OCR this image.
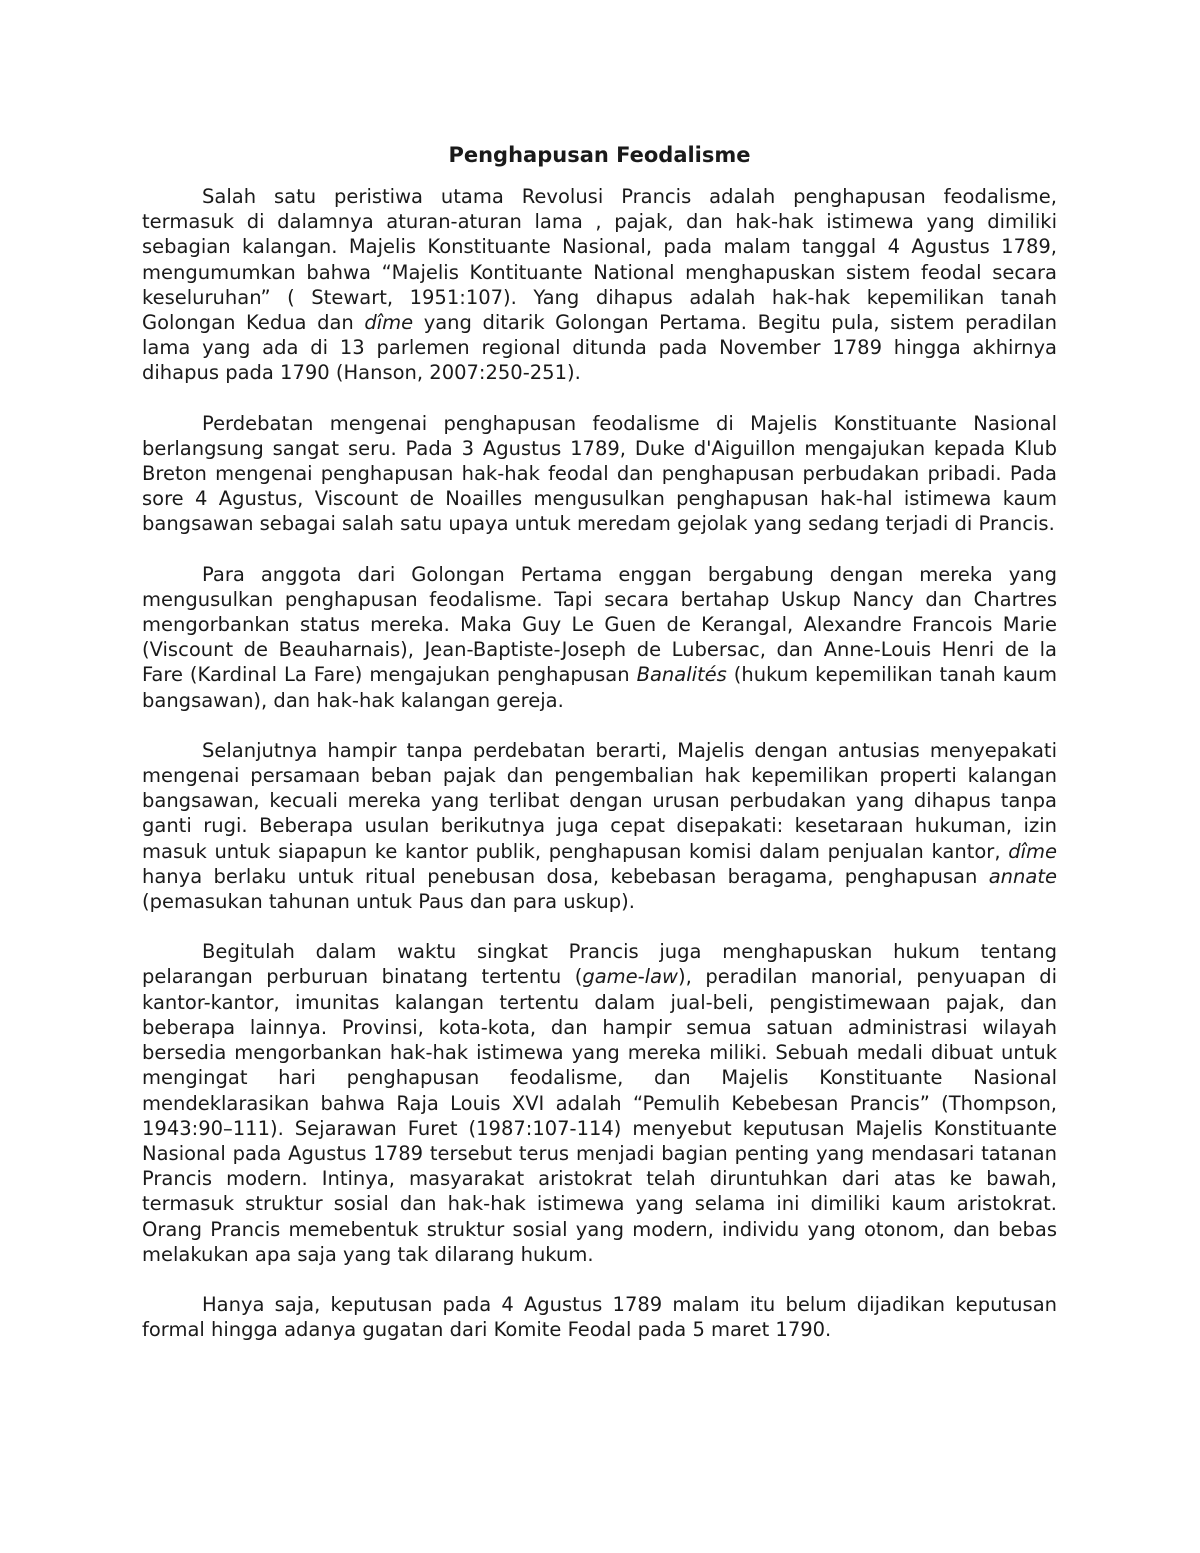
Penghapusan Feodalisme

Salah satu peristiwa utama Revolusi Prancis adalah penghapusan feodalisme, termasuk di dalamnya aturan-aturan lama , pajak, dan hak-hak istimewa yang dimiliki sebagian kalangan. Majelis Konstituante Nasional, pada malam tanggal 4 Agustus 1789, mengumumkan bahwa “Majelis Kontituante National menghapuskan sistem feodal secara keseluruhan” ( Stewart, 1951:107). Yang dihapus adalah hak-hak kepemilikan tanah Golongan Kedua dan dîme yang ditarik Golongan Pertama. Begitu pula, sistem peradilan lama yang ada di 13 parlemen regional ditunda pada November 1789 hingga akhirnya dihapus pada 1790 (Hanson, 2007:250-251).

Perdebatan mengenai penghapusan feodalisme di Majelis Konstituante Nasional berlangsung sangat seru. Pada 3 Agustus 1789, Duke d'Aiguillon mengajukan kepada Klub Breton mengenai penghapusan hak-hak feodal dan penghapusan perbudakan pribadi. Pada sore 4 Agustus, Viscount de Noailles mengusulkan penghapusan hak-hal istimewa kaum bangsawan sebagai salah satu upaya untuk meredam gejolak yang sedang terjadi di Prancis.

Para anggota dari Golongan Pertama enggan bergabung dengan mereka yang mengusulkan penghapusan feodalisme. Tapi secara bertahap Uskup Nancy dan Chartres mengorbankan status mereka. Maka Guy Le Guen de Kerangal, Alexandre Francois Marie (Viscount de Beauharnais), Jean-Baptiste-Joseph de Lubersac, dan Anne-Louis Henri de la Fare (Kardinal La Fare) mengajukan penghapusan Banalités (hukum kepemilikan tanah kaum bangsawan), dan hak-hak kalangan gereja.

Selanjutnya hampir tanpa perdebatan berarti, Majelis dengan antusias menyepakati mengenai persamaan beban pajak dan pengembalian hak kepemilikan properti kalangan bangsawan, kecuali mereka yang terlibat dengan urusan perbudakan yang dihapus tanpa ganti rugi. Beberapa usulan berikutnya juga cepat disepakati: kesetaraan hukuman, izin masuk untuk siapapun ke kantor publik, penghapusan komisi dalam penjualan kantor, dîme hanya berlaku untuk ritual penebusan dosa, kebebasan beragama, penghapusan annate (pemasukan tahunan untuk Paus dan para uskup).

Begitulah dalam waktu singkat Prancis juga menghapuskan hukum tentang pelarangan perburuan binatang tertentu (game-law), peradilan manorial, penyuapan di kantor-kantor, imunitas kalangan tertentu dalam jual-beli, pengistimewaan pajak, dan beberapa lainnya. Provinsi, kota-kota, dan hampir semua satuan administrasi wilayah bersedia mengorbankan hak-hak istimewa yang mereka miliki. Sebuah medali dibuat untuk mengingat hari penghapusan feodalisme, dan Majelis Konstituante Nasional mendeklarasikan bahwa Raja Louis XVI adalah “Pemulih Kebebesan Prancis” (Thompson, 1943:90–111). Sejarawan Furet (1987:107-114) menyebut keputusan Majelis Konstituante Nasional pada Agustus 1789 tersebut terus menjadi bagian penting yang mendasari tatanan Prancis modern. Intinya, masyarakat aristokrat telah diruntuhkan dari atas ke bawah, termasuk struktur sosial dan hak-hak istimewa yang selama ini dimiliki kaum aristokrat. Orang Prancis memebentuk struktur sosial yang modern, individu yang otonom, dan bebas melakukan apa saja yang tak dilarang hukum.

Hanya saja, keputusan pada 4 Agustus 1789 malam itu belum dijadikan keputusan formal hingga adanya gugatan dari Komite Feodal pada 5 maret 1790.
